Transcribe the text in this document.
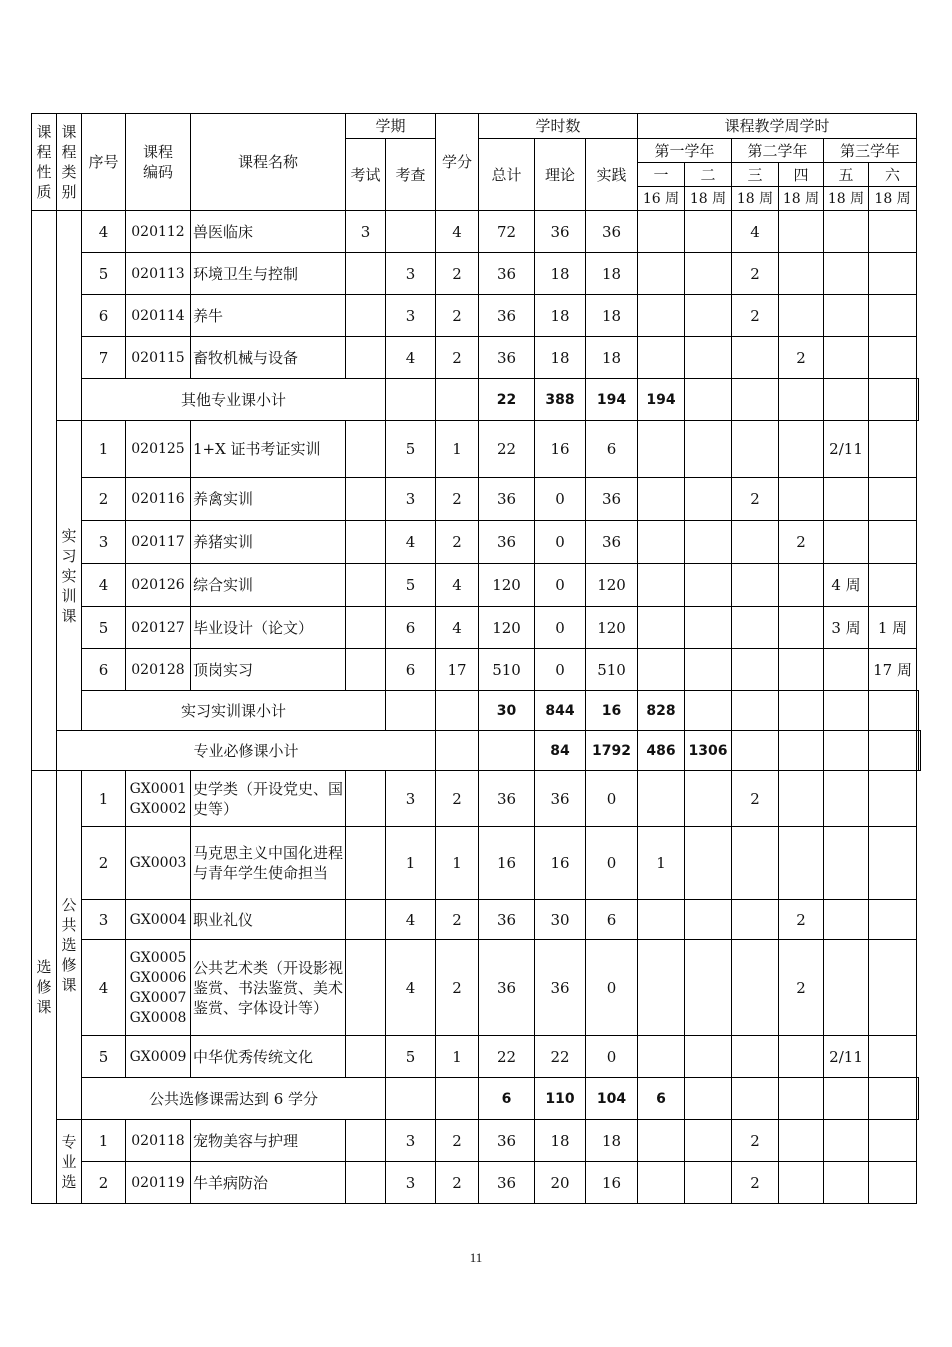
课程性质	课程类别	序号	课程编码	课程名称	学期		学分	学时数			课程教学周学时							
					考试	考查		总计	理论	实践	第一学年		第二学年		第三学年			
											一	二	三	四	五	六		
											16 周	18 周	18 周	18 周	18 周	18 周		
		4	020112	兽医临床	3		4	72	36	36			4					
		5	020113	环境卫生与控制		3	2	36	18	18			2					
		6	020114	养牛		3	2	36	18	18			2					
		7	020115	畜牧机械与设备		4	2	36	18	18				2				
		其他专业课小计						22	388	194	194							
	实习实训课	1	020125	1+X 证书考证实训		5	1	22	16	6					2/11			
		2	020116	养禽实训		3	2	36	0	36			2					
		3	020117	养猪实训		4	2	36	0	36				2				
		4	020126	综合实训		5	4	120	0	120					4 周			
		5	020127	毕业设计（论文）		6	4	120	0	120					3 周	1 周		
		6	020128	顶岗实习		6	17	510	0	510						17 周		
		实习实训课小计						30	844	16	828							
	专业必修课小计								84	1792	486	1306						
选修课	公共选修课	1	GX0001 GX0002	史学类（开设党史、国史等）		3	2	36	36	0			2					
		2	GX0003	马克思主义中国化进程与青年学生使命担当		1	1	16	16	0	1							
		3	GX0004	职业礼仪		4	2	36	30	6				2				
		4	GX0005 GX0006 GX0007 GX0008	公共艺术类（开设影视鉴赏、书法鉴赏、美术鉴赏、字体设计等）		4	2	36	36	0				2				
		5	GX0009	中华优秀传统文化		5	1	22	22	0					2/11			
		公共选修课需达到 6 学分						6	110	104	6							
	专业选	1	020118	宠物美容与护理		3	2	36	18	18			2					
		2	020119	牛羊病防治		3	2	36	20	16			2					
11
